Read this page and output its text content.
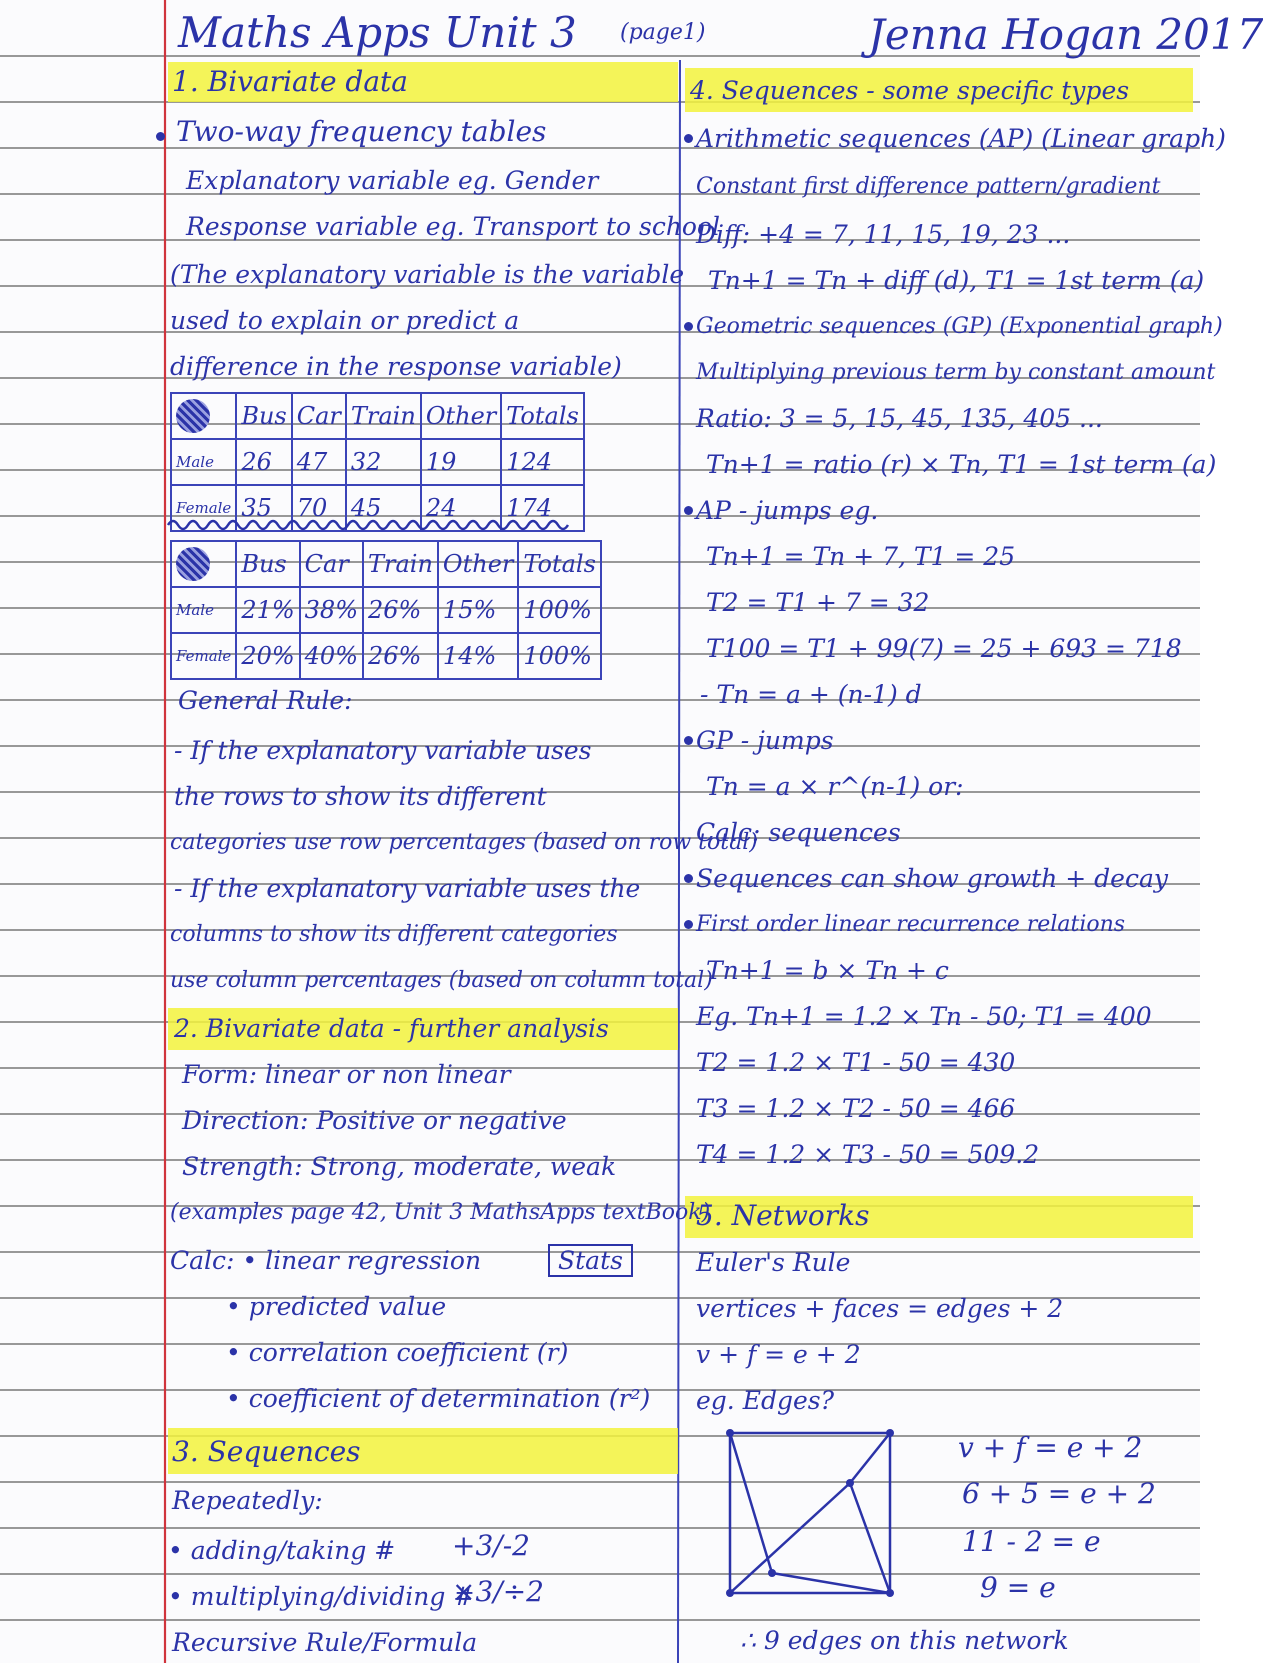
Maths Apps Unit 3 (page1)	Jenna Hogan 2017
1. Bivariate data
Two-way frequency tables
Explanatory variable eg. Gender
Response variable eg. Transport to school
(The explanatory variable is the variable
used to explain or predict a
difference in the response variable)
	Bus	Car	Train	Other	Totals
Male	26	47	32	19	124
Female	35	70	45	24	174
	Bus	Car	Train	Other	Totals
Male	21%	38%	26%	15%	100%
Female	20%	40%	26%	14%	100%
General Rule:
- If the explanatory variable uses
the rows to show its different
categories use row percentages (based on row total)
- If the explanatory variable uses the
columns to show its different categories
use column percentages (based on column total)
2. Bivariate data - further analysis
Form: linear or non linear
Direction: Positive or negative
Strength: Strong, moderate, weak
(examples page 42, Unit 3 MathsApps textBook)
Calc: • linear regression	Stats
• predicted value
• correlation coefficient (r)
• coefficient of determination (r²)
3. Sequences
Repeatedly:
• adding/taking # +3/-2
• multiplying/dividing #
×3/÷2
Recursive Rule/Formula
4. Sequences - some specific types
Arithmetic sequences (AP) (Linear graph)
Constant first difference pattern/gradient
Diff: +4 = 7, 11, 15, 19, 23 ...
Tn+1 = Tn + diff (d), T1 = 1st term (a)
Geometric sequences (GP) (Exponential graph)
Multiplying previous term by constant amount
Ratio: 3 = 5, 15, 45, 135, 405 ...
Tn+1 = ratio (r) × Tn, T1 = 1st term (a)
AP - jumps eg.
Tn+1 = Tn + 7, T1 = 25
T2 = T1 + 7 = 32
T100 = T1 + 99(7) = 25 + 693 = 718
- Tn = a + (n-1) d
GP - jumps
Tn = a × r^(n-1) or:
Calc: sequences
Sequences can show growth + decay
First order linear recurrence relations
Tn+1 = b × Tn + c
Eg. Tn+1 = 1.2 × Tn - 50; T1 = 400
T2 = 1.2 × T1 - 50 = 430
T3 = 1.2 × T2 - 50 = 466
T4 = 1.2 × T3 - 50 = 509.2
5. Networks
Euler's Rule
vertices + faces = edges + 2
v + f = e + 2
eg. Edges?
v + f = e + 2
6 + 5 = e + 2
11 - 2 = e
9 = e
∴ 9 edges on this network
